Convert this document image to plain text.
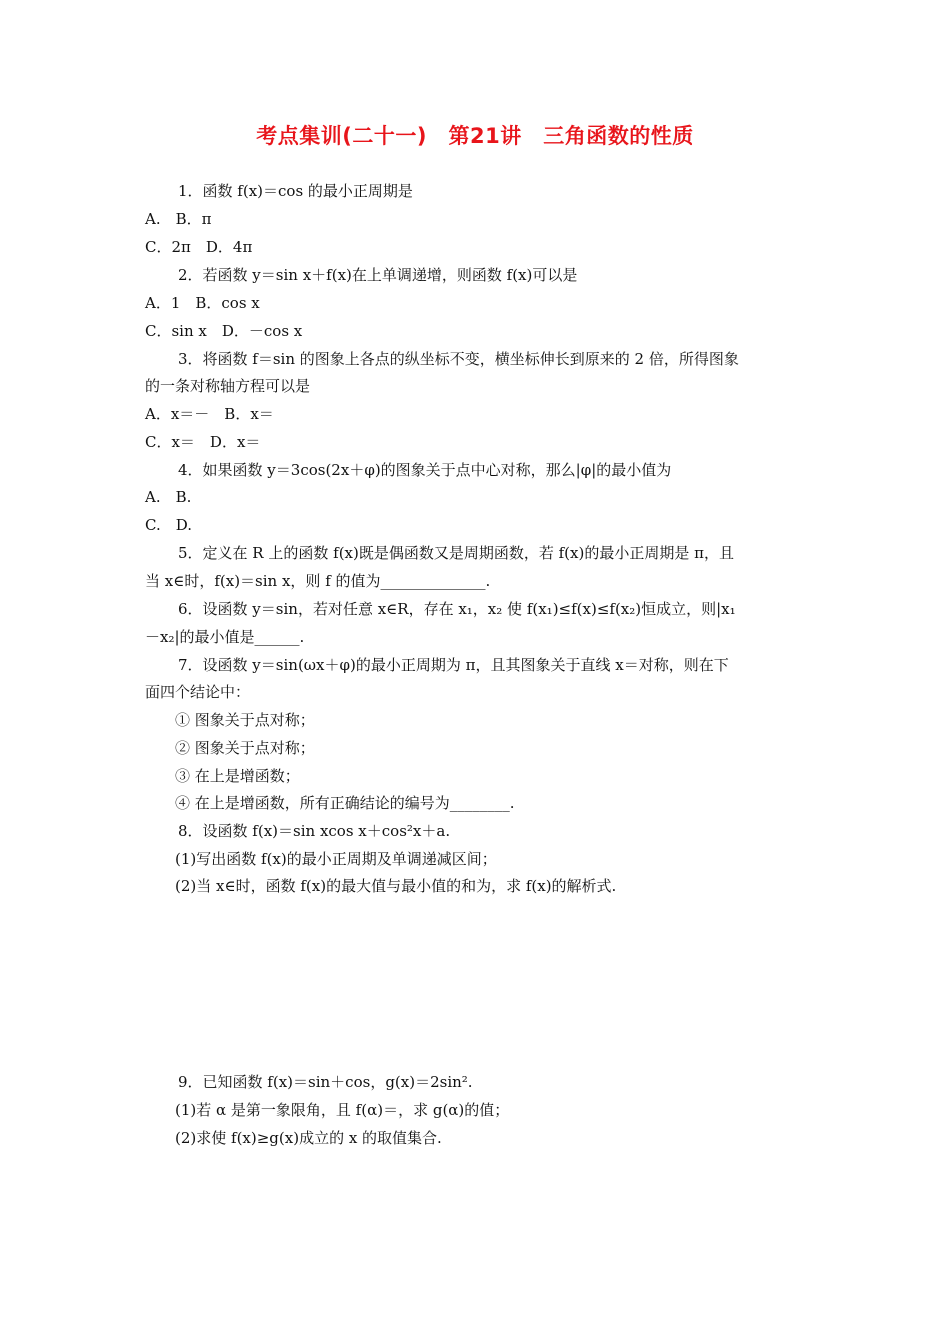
考点集训(二十一)　第21讲　三角函数的性质
1．函数 f(x)＝cos 的最小正周期是
A.　B．π
C．2π　D．4π
2．若函数 y＝sin x＋f(x)在上单调递增，则函数 f(x)可以是
A．1　B．cos x
C．sin x　D．－cos x
3．将函数 f＝sin 的图象上各点的纵坐标不变，横坐标伸长到原来的 2 倍，所得图象
的一条对称轴方程可以是
A．x＝－　B．x＝
C．x＝　D．x＝
4．如果函数 y＝3cos(2x＋φ)的图象关于点中心对称，那么|φ|的最小值为
A.　B.
C.　D.
5．定义在 R 上的函数 f(x)既是偶函数又是周期函数，若 f(x)的最小正周期是 π，且
当 x∈时，f(x)＝sin x，则 f 的值为______________.
6．设函数 y＝sin，若对任意 x∈R，存在 x₁，x₂ 使 f(x₁)≤f(x)≤f(x₂)恒成立，则|x₁
－x₂|的最小值是______.
7．设函数 y＝sin(ωx＋φ)的最小正周期为 π，且其图象关于直线 x＝对称，则在下
面四个结论中：
① 图象关于点对称；
② 图象关于点对称；
③ 在上是增函数；
④ 在上是增函数，所有正确结论的编号为________.
8．设函数 f(x)＝sin xcos x＋cos²x＋a.
(1)写出函数 f(x)的最小正周期及单调递减区间；
(2)当 x∈时，函数 f(x)的最大值与最小值的和为，求 f(x)的解析式.
9．已知函数 f(x)＝sin＋cos，g(x)＝2sin².
(1)若 α 是第一象限角，且 f(α)＝，求 g(α)的值；
(2)求使 f(x)≥g(x)成立的 x 的取值集合.
